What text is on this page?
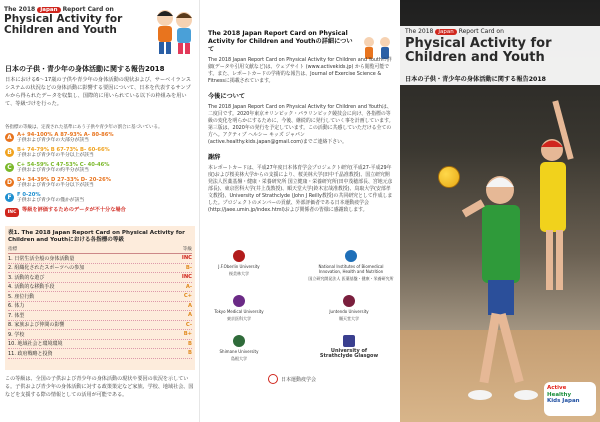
The 2018 Japan Report Card on
Physical Activity for
Children and Youth
日本の子供・青少年の身体活動に関する報告2018
日本における6〜17歳の子供や青少年の身体活動の現状および、サーベイランスシステムの状況などの身体活動に影響する要因について、日本を代表するサンプルから得られたデータを収集し、国際的に用いられている以下の枠組みを用いて、等級づけを行った。
各指標の等級は、定義された基準にあう子供や青少年の割合に基づいている。
A A+ 94-100% A 87-93% A- 80-86%
子供および青少年の大部分が該当
B	B+ 74-79% B 67-73% B- 60-66%
子供および青少年の半分以上が該当
C	C+ 54-59% C 47-53% C- 40-46%
子供および青少年の約半分が該当
D D+ 34-39% D 27-33% D- 20-26%
子供および青少年の半分以下が該当
F	F 0-20%
子供および青少年の僅かが該当
INC	等級を評価するためのデータが不十分な場合
表1. The 2018 Japan Report Card on Physical Activity for Children and Youthにおける各指標の等級
指標	等級
1. 日常生活全般の身体活動量	INC
2. 組織化されたスポーツへの参加	B-
3. 活動的な遊び	INC
4. 活動的な移動手段	A-
5. 座位行動	C+
6. 体力	A
7. 体型	A
8. 家族および仲間の影響	C-
9. 学校	B+
10. 地域社会と環境環境	B
11. 政府戦略と投資	B
この等級は、全国の子供および青少年の身体活動の現状や要因の状況を示している。子供および青少年の身体活動に対する政策策定など家族、学校、地域社会、国などを支援する際の情報としての活用が可能である。
The 2018 Japan Report Card on Physical Activity for Children and Youthの詳細について
The 2018 Japan Report Card on Physical Activity for Children and Youthの詳細(データや引用文献など)は、ウェブサイト (www.activekids.jp) から閲覧可能です。また、レポートカードの学術的な報告は、Journal of Exercise Science & Fitnessに掲載されています。
今後について
The 2018 Japan Report Card on Physical Activity for Children and Youthは、二度目です。2020年東京オリンピック・パラリンピック競技会に向け、各指標の等級の変化を明らかにするために、今後、継続的に発行していく事を計画しています。第三版は、2020年の発行を予定しています。この活動に共感していただける全ての方へ。アクティブ ヘルシー キッズ ジャパン(active.healthy.kids.japan@gmail.com)までご連絡下さい。
謝辞
本レポートカードは、平成27年度日本体育学会プロジェクト研究(平成27-平成29年度)および桜美林大学からの支援により、桜美林大学(田中千晶准教授)、国立研究開発法人医薬基盤・健康・栄養研究所 国立健康・栄養研究所(田中茂穂部長、宮地元彦部長)、東京医科大学(井上茂教授)、順天堂大学(鈴木宏哉准教授)、鳥取大学(安部孝文教授)、University of Strathclyde (John J Reilly教授)の共同研究として作成しました。プロジェクトのメンバーの貢献、外部評価者である日本運動疫学会(http://jaee.umin.jp/index.html)および関係者の皆様に感謝致します。
J.F.Oberlin University
桜美林大学
National Institutes of Biomedical Innovation, Health and Nutrition
国立研究開発法人 医薬基盤・健康・栄養研究所
Tokyo Medical University
東京医科大学
Juntendo University
順天堂大学
Shimane University
島根大学
University of Strathclyde Glasgow
日本運動疫学会
The 2018 Japan Report Card on
Physical Activity for
Children and Youth
日本の子供・青少年の身体活動に関する報告2018
Active
Healthy
Kids Japan
